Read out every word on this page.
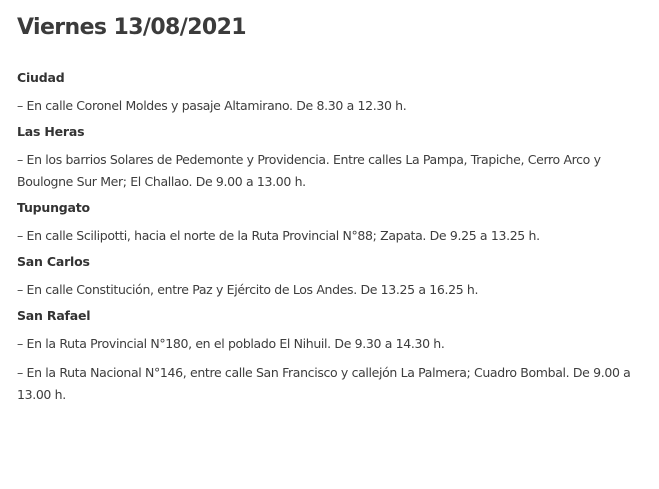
Viernes 13/08/2021
Ciudad
– En calle Coronel Moldes y pasaje Altamirano. De 8.30 a 12.30 h.
Las Heras
– En los barrios Solares de Pedemonte y Providencia. Entre calles La Pampa, Trapiche, Cerro Arco y Boulogne Sur Mer; El Challao. De 9.00 a 13.00 h.
Tupungato
– En calle Scilipotti, hacia el norte de la Ruta Provincial N°88; Zapata. De 9.25 a 13.25 h.
San Carlos
– En calle Constitución, entre Paz y Ejército de Los Andes. De 13.25 a 16.25 h.
San Rafael
– En la Ruta Provincial N°180, en el poblado El Nihuil. De 9.30 a 14.30 h.
– En la Ruta Nacional N°146, entre calle San Francisco y callejón La Palmera; Cuadro Bombal. De 9.00 a 13.00 h.
